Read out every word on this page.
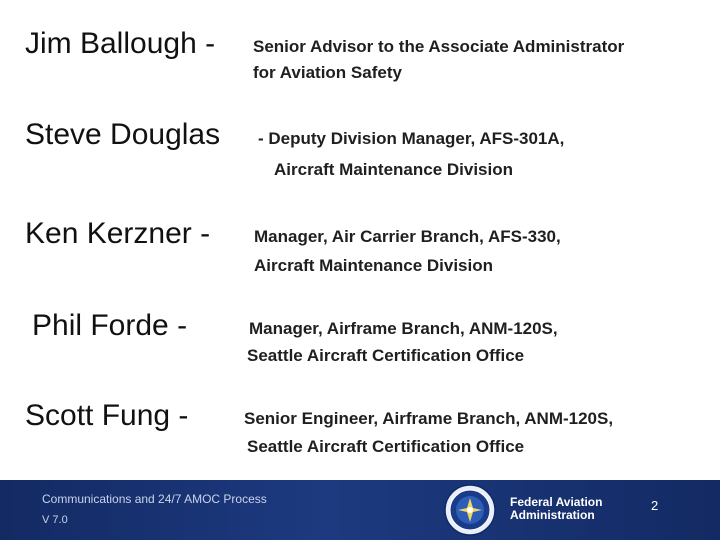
Jim Ballough - Senior Advisor to the Associate Administrator
for Aviation Safety
Steve Douglas - Deputy Division Manager, AFS-301A,
Aircraft Maintenance Division
Ken Kerzner -	Manager, Air Carrier Branch, AFS-330,
Aircraft Maintenance Division
Phil Forde -	Manager, Airframe Branch, ANM-120S,
Seattle Aircraft Certification Office
Scott Fung -	Senior Engineer, Airframe Branch, ANM-120S,
Seattle Aircraft Certification Office
Communications and 24/7 AMOC Process
V 7.0
Federal Aviation
Administration
2
